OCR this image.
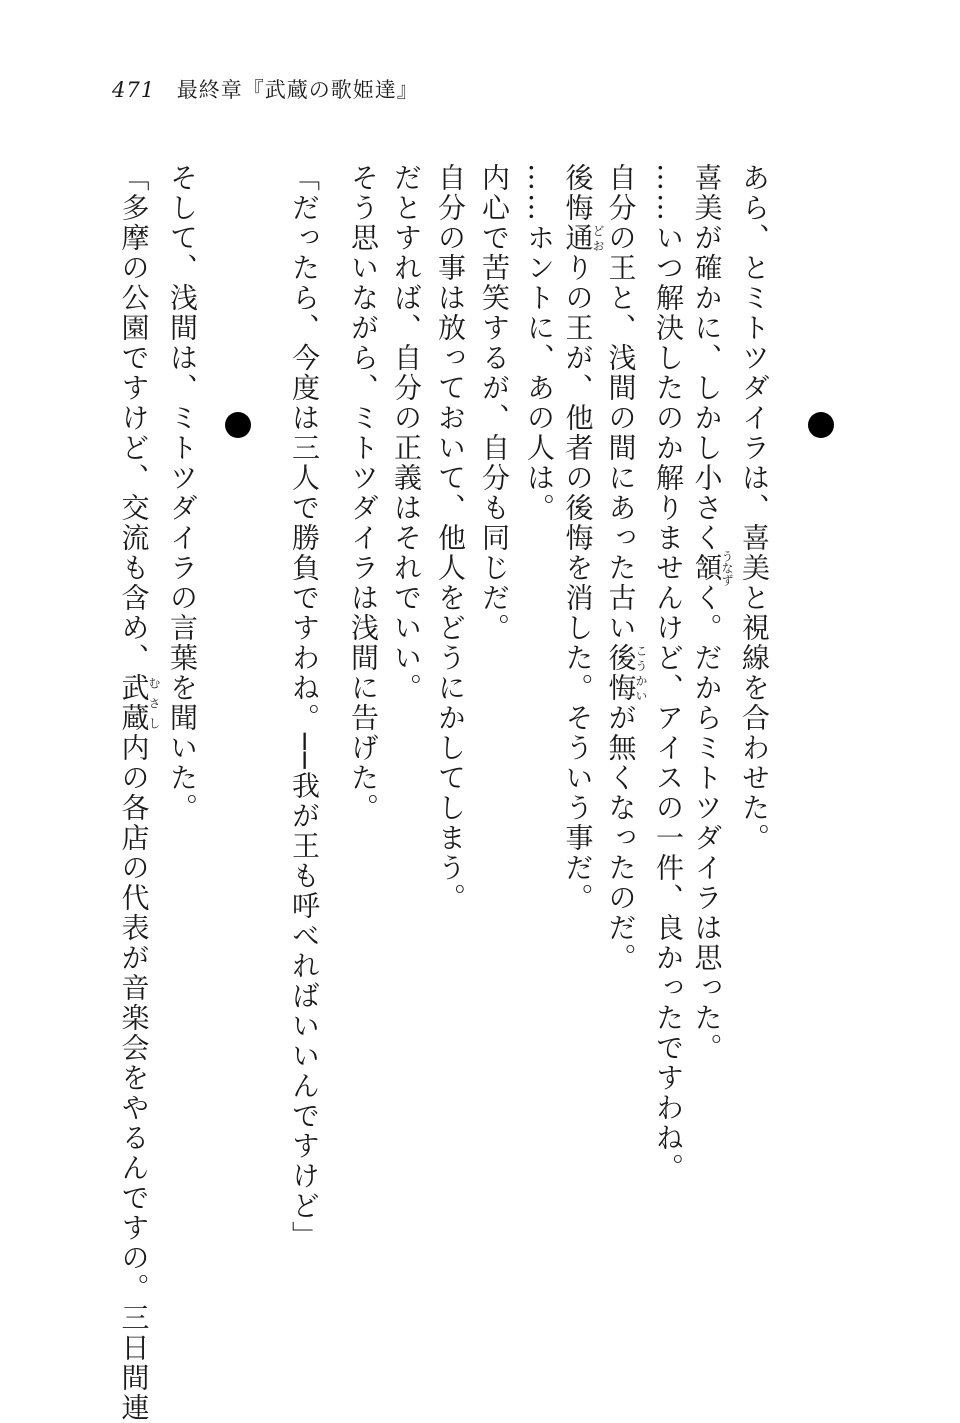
471 最終章『武蔵の歌姫達』
あら、とミトツダイラは、喜美と視線を合わせた。
喜美が確かに、しかし小さく頷うなずく。だからミトツダイラは思った。
……いつ解決したのか解りませんけど、アイスの一件、良かったですわね。
自分の王と、浅間の間にあった古い後悔こうかいが無くなったのだ。
後悔通どおりの王が、他者の後悔を消した。そういう事だ。
……ホントに、あの人は。
内心で苦笑するが、自分も同じだ。
自分の事は放っておいて、他人をどうにかしてしまう。
だとすれば、自分の正義はそれでいい。
そう思いながら、ミトツダイラは浅間に告げた。
「だったら、今度は三人で勝負ですわね。──我が王も呼べればいいんですけど」
そして、浅間は、ミトツダイラの言葉を聞いた。
「多摩の公園ですけど、交流も含め、武蔵むさし内の各店の代表が音楽会をやるんですの。三日間連
